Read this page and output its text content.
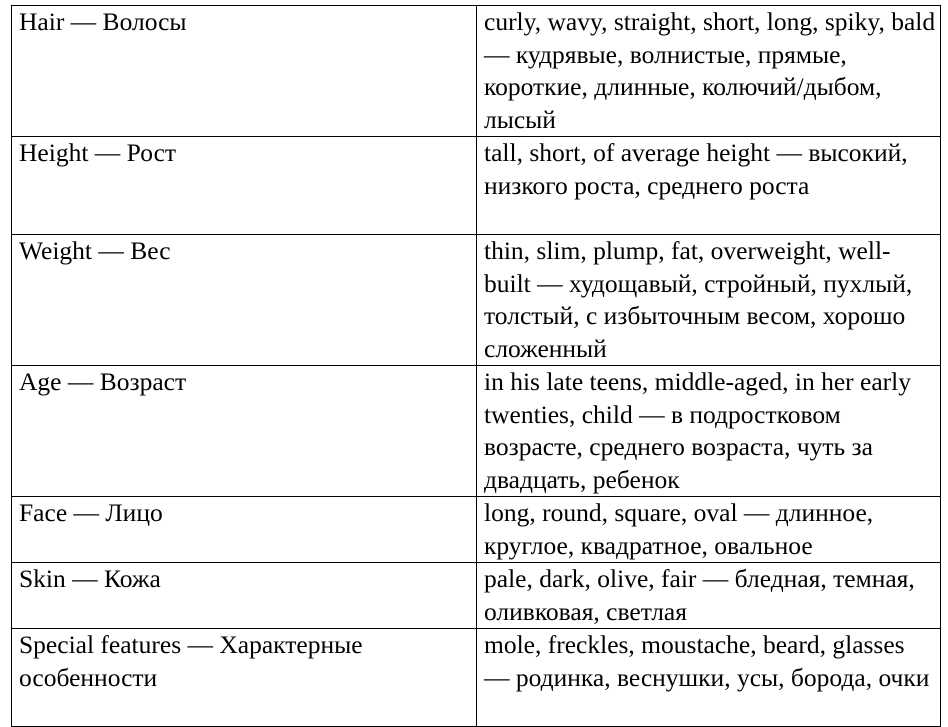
Hair — Волосы	curly, wavy, straight, short, long, spiky, bald — кудрявые, волнистые, прямые, короткие, длинные, колючий/дыбом, лысый
Height — Рост	tall, short, of average height — высокий, низкого роста, среднего роста
Weight — Вес	thin, slim, plump, fat, overweight, well-built — худощавый, стройный, пухлый, толстый, с избыточным весом, хорошо сложенный
Age — Возраст	in his late teens, middle-aged, in her early twenties, child — в подростковом возрасте, среднего возраста, чуть за двадцать, ребенок
Face — Лицо	long, round, square, oval — длинное, круглое, квадратное, овальное
Skin — Кожа	pale, dark, olive, fair — бледная, темная, оливковая, светлая
Special features — Характерные особенности	mole, freckles, moustache, beard, glasses — родинка, веснушки, усы, борода, очки
